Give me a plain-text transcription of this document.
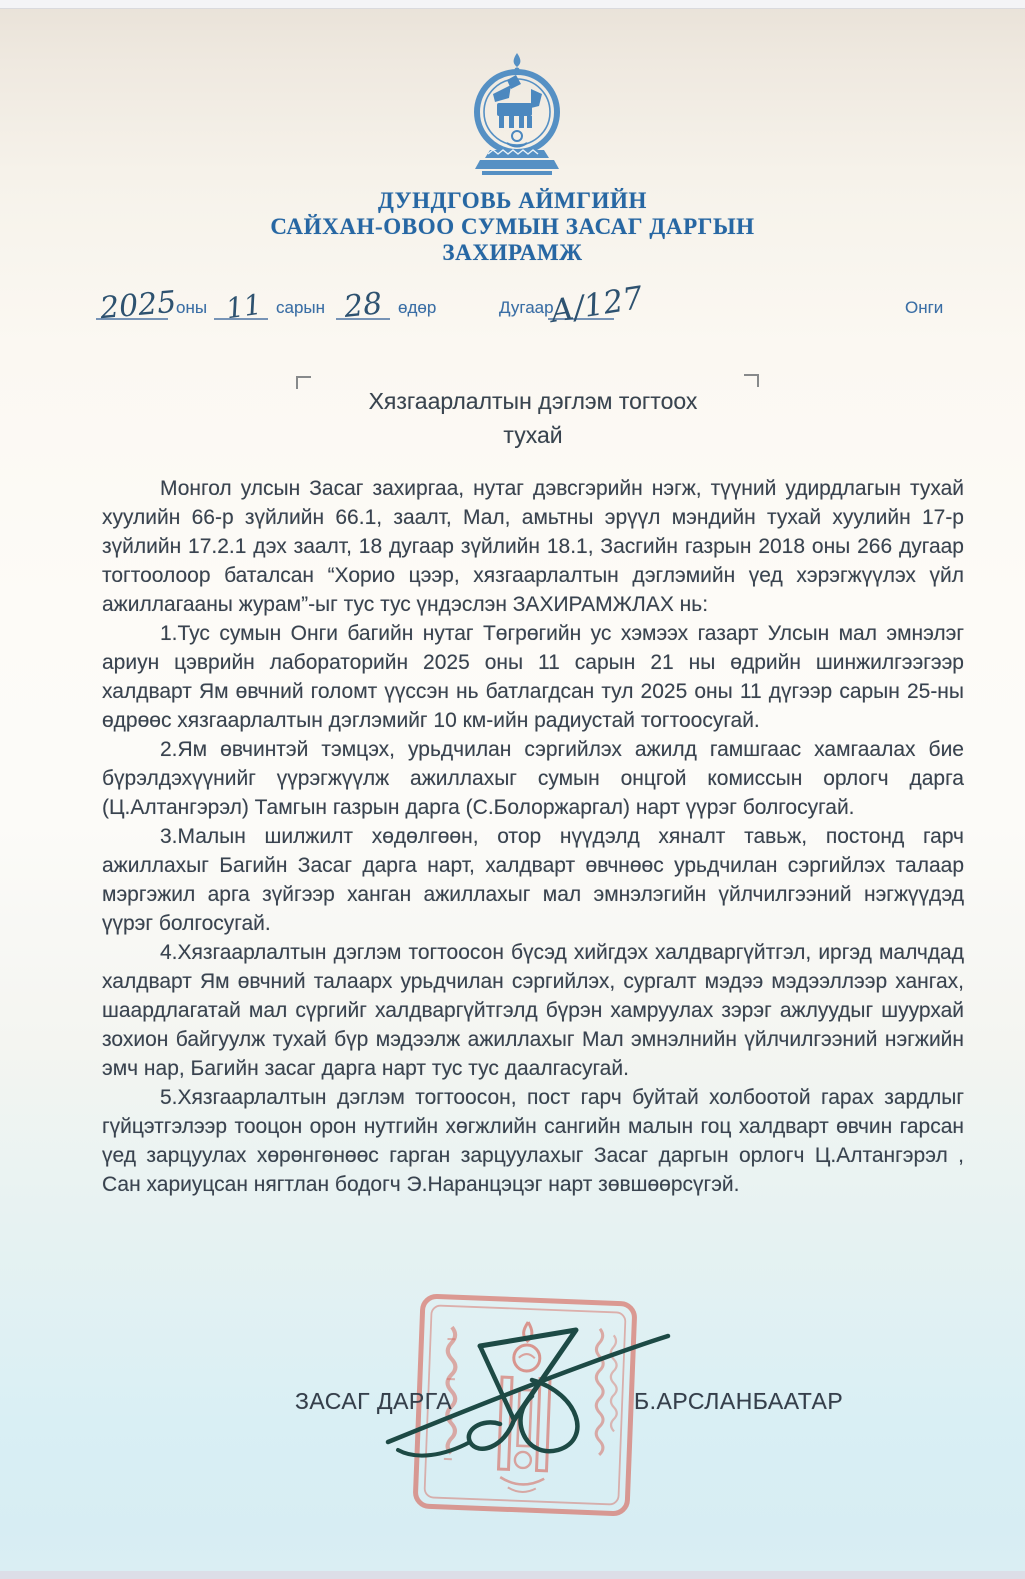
ДУНДГОВЬ АЙМГИЙН
САЙХАН-ОВОО СУМЫН ЗАСАГ ДАРГЫН
ЗАХИРАМЖ
2025
оны 11 сарын 28 өдөр	Дугаар
А/127	Онги
Хязгаарлалтын дэглэм тогтоох
тухай

Монгол улсын Засаг захиргаа, нутаг дэвсгэрийн нэгж, түүний удирдлагын тухай хуулийн 66-р зүйлийн 66.1, заалт, Мал, амьтны эрүүл мэндийн тухай хуулийн 17-р зүйлийн 17.2.1 дэх заалт, 18 дугаар зүйлийн 18.1, Засгийн газрын 2018 оны 266 дугаар тогтоолоор баталсан “Хорио цээр, хязгаарлалтын дэглэмийн үед хэрэгжүүлэх үйл ажиллагааны журам”-ыг тус тус үндэслэн ЗАХИРАМЖЛАХ нь:

1.Тус сумын Онги багийн нутаг Төгрөгийн ус хэмээх газарт Улсын мал эмнэлэг ариун цэврийн лабораторийн 2025 оны 11 сарын 21 ны өдрийн шинжилгээгээр халдварт Ям өвчний голомт үүссэн нь батлагдсан тул 2025 оны 11 дүгээр сарын 25-ны өдрөөс хязгаарлалтын дэглэмийг 10 км-ийн радиустай тогтоосугай.

2.Ям өвчинтэй тэмцэх, урьдчилан сэргийлэх ажилд гамшгаас хамгаалах бие бүрэлдэхүүнийг үүрэгжүүлж ажиллахыг сумын онцгой комиссын орлогч дарга (Ц.Алтангэрэл) Тамгын газрын дарга (С.Болоржаргал) нарт үүрэг болгосугай.

3.Малын шилжилт хөдөлгөөн, отор нүүдэлд хяналт тавьж, постонд гарч ажиллахыг Багийн Засаг дарга нарт, халдварт өвчнөөс урьдчилан сэргийлэх талаар мэргэжил арга зүйгээр ханган ажиллахыг мал эмнэлэгийн үйлчилгээний нэгжүүдэд үүрэг болгосугай.

4.Хязгаарлалтын дэглэм тогтоосон бүсэд хийгдэх халдваргүйтгэл, иргэд малчдад халдварт Ям өвчний талаарх урьдчилан сэргийлэх, сургалт мэдээ мэдээллээр хангах, шаардлагатай мал сүргийг халдваргүйтгэлд бүрэн хамруулах зэрэг ажлуудыг шуурхай зохион байгуулж тухай бүр мэдээлж ажиллахыг Мал эмнэлнийн үйлчилгээний нэгжийн эмч нар, Багийн засаг дарга нарт тус тус даалгасугай.

5.Хязгаарлалтын дэглэм тогтоосон, пост гарч буйтай холбоотой гарах зардлыг гүйцэтгэлээр тооцон орон нутгийн хөгжлийн сангийн малын гоц халдварт өвчин гарсан үед зарцуулах хөрөнгөнөөс гарган зарцуулахыг Засаг даргын орлогч Ц.Алтангэрэл , Сан хариуцсан нягтлан бодогч Э.Наранцэцэг нарт зөвшөөрсүгэй.

ЗАСАГ ДАРГА	Б.АРСЛАНБААТАР
